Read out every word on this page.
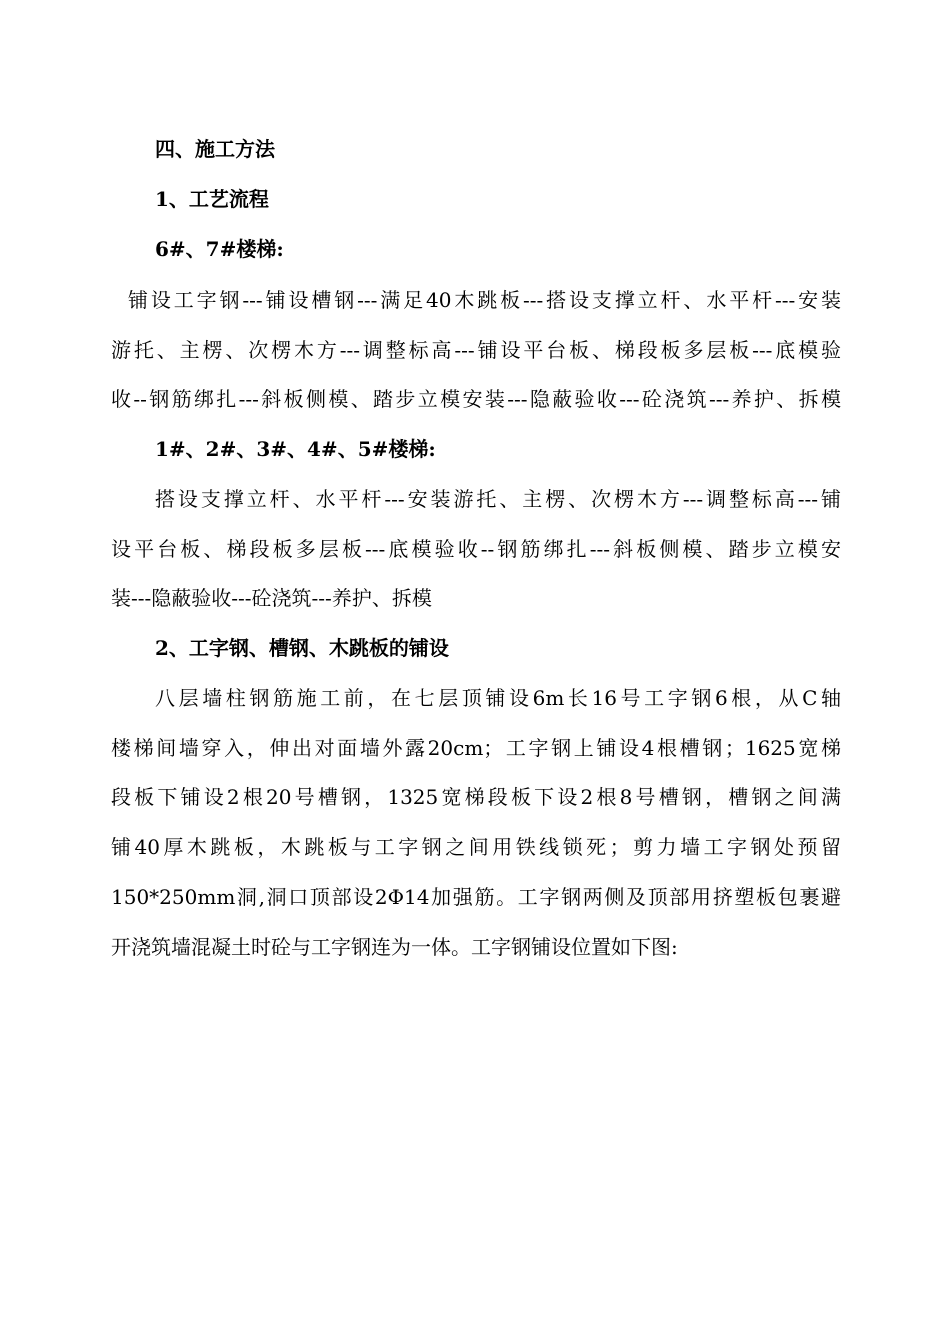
四、施工方法
1、工艺流程
6#、7#楼梯:
铺设工字钢---铺设槽钢---满足40木跳板---搭设支撑立杆、水平杆---安装
游托、主楞、次楞木方---调整标高---铺设平台板、梯段板多层板---底模验
收--钢筋绑扎---斜板侧模、踏步立模安装---隐蔽验收---砼浇筑---养护、拆模
1#、2#、3#、4#、5#楼梯:
搭设支撑立杆、水平杆---安装游托、主楞、次楞木方---调整标高---铺
设平台板、梯段板多层板---底模验收--钢筋绑扎---斜板侧模、踏步立模安
装---隐蔽验收---砼浇筑---养护、拆模
2、工字钢、槽钢、木跳板的铺设
八层墙柱钢筋施工前，在七层顶铺设6m长16号工字钢6根，从C轴
楼梯间墙穿入，伸出对面墙外露20cm；工字钢上铺设4根槽钢；1625宽梯
段板下铺设2根20号槽钢，1325宽梯段板下设2根8号槽钢，槽钢之间满
铺40厚木跳板，木跳板与工字钢之间用铁线锁死；剪力墙工字钢处预留
150*250mm洞,洞口顶部设2Φ14加强筋。工字钢两侧及顶部用挤塑板包裹避
开浇筑墙混凝土时砼与工字钢连为一体。工字钢铺设位置如下图:
